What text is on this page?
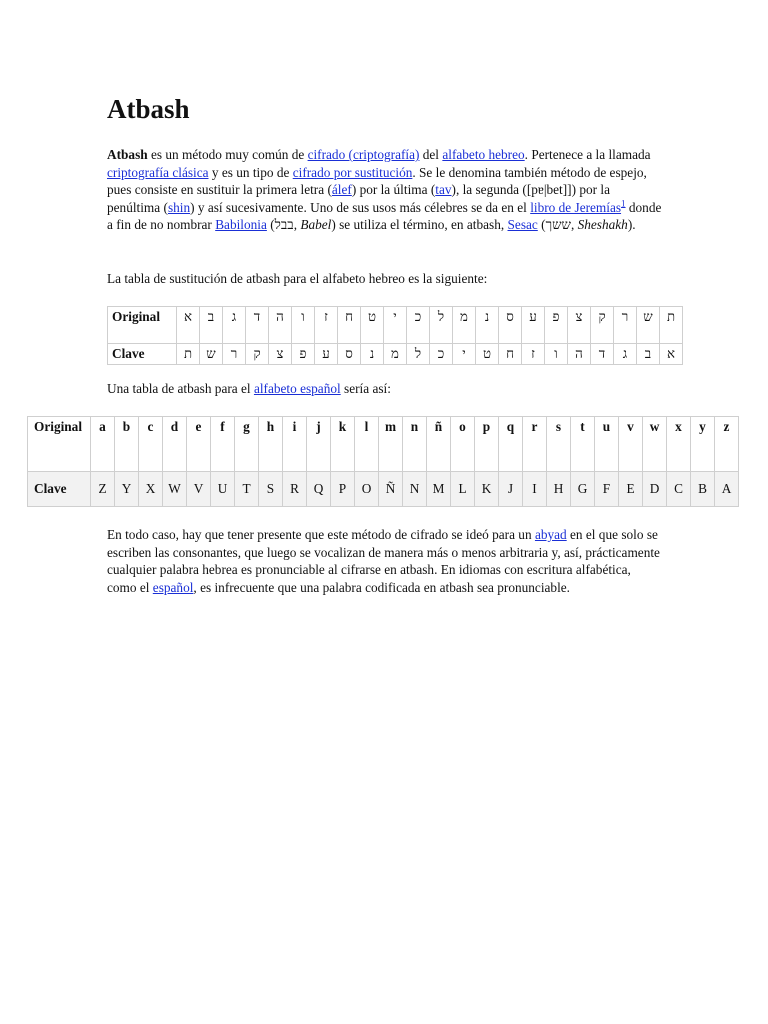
Atbash

Atbash es un método muy común de cifrado (criptografía) del alfabeto hebreo. Pertenece a la llamada criptografía clásica y es un tipo de cifrado por sustitución. Se le denomina también método de espejo, pues consiste en sustituir la primera letra (álef) por la última (tav), la segunda ([pɐ|bet]]) por la penúltima (shin) y así sucesivamente. Uno de sus usos más célebres se da en el libro de Jeremías$^1$ donde a fin de no nombrar Babilonia (בבל, Babel) se utiliza el término, en atbash, Sesac (ששך, Sheshakh).

La tabla de sustitución de atbash para el alfabeto hebreo es la siguiente:

Original	א	ב	ג	ד	ה	ו	ז	ח	ט	י	כ	ל	מ	נ	ס	ע	פ	צ	ק	ר	ש	ת
Clave	ת	ש	ר	ק	צ	פ	ע	ס	נ	מ	ל	כ	י	ט	ח	ז	ו	ה	ד	ג	ב	א

Una tabla de atbash para el alfabeto español sería así:

Original	a	b	c	d	e	f	g	h	i	j	k	l	m	n	ñ	o	p	q	r	s	t	u	v	w	x	y	z
Clave	Z	Y	X	W	V	U	T	S	R	Q	P	O	Ñ	N	M	L	K	J	I	H	G	F	E	D	C	B	A

En todo caso, hay que tener presente que este método de cifrado se ideó para un abyad en el que solo se escriben las consonantes, que luego se vocalizan de manera más o menos arbitraria y, así, prácticamente cualquier palabra hebrea es pronunciable al cifrarse en atbash. En idiomas con escritura alfabética, como el español, es infrecuente que una palabra codificada en atbash sea pronunciable.
